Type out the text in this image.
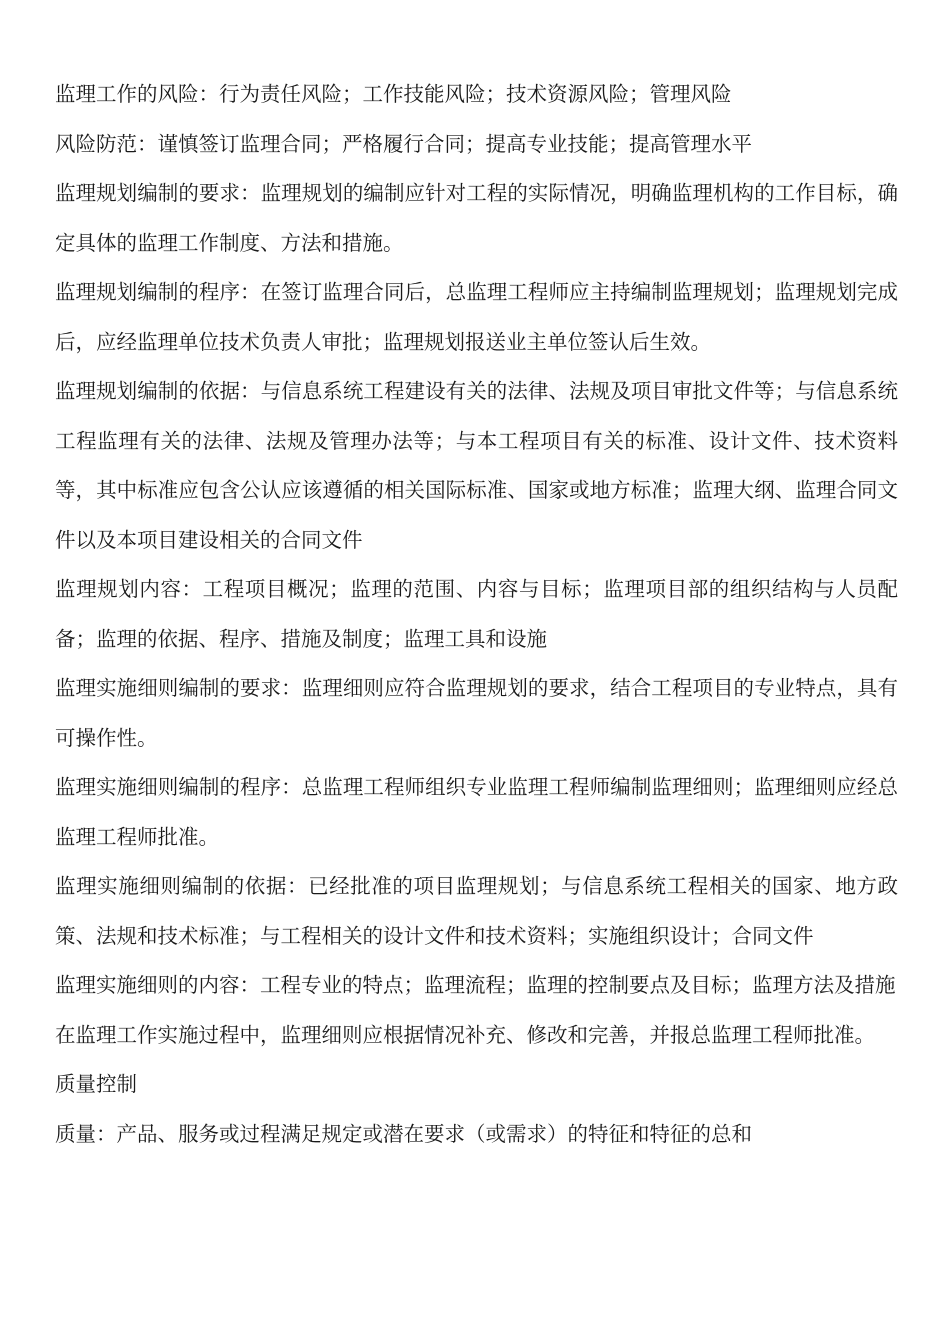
监理工作的风险：行为责任风险；工作技能风险；技术资源风险；管理风险

风险防范：谨慎签订监理合同；严格履行合同；提高专业技能；提高管理水平

监理规划编制的要求：监理规划的编制应针对工程的实际情况，明确监理机构的工作目标，确定具体的监理工作制度、方法和措施。

监理规划编制的程序：在签订监理合同后，总监理工程师应主持编制监理规划；监理规划完成后，应经监理单位技术负责人审批；监理规划报送业主单位签认后生效。

监理规划编制的依据：与信息系统工程建设有关的法律、法规及项目审批文件等；与信息系统工程监理有关的法律、法规及管理办法等；与本工程项目有关的标准、设计文件、技术资料等，其中标准应包含公认应该遵循的相关国际标准、国家或地方标准；监理大纲、监理合同文件以及本项目建设相关的合同文件

监理规划内容：工程项目概况；监理的范围、内容与目标；监理项目部的组织结构与人员配备；监理的依据、程序、措施及制度；监理工具和设施

监理实施细则编制的要求：监理细则应符合监理规划的要求，结合工程项目的专业特点，具有可操作性。

监理实施细则编制的程序：总监理工程师组织专业监理工程师编制监理细则；监理细则应经总监理工程师批准。

监理实施细则编制的依据：已经批准的项目监理规划；与信息系统工程相关的国家、地方政策、法规和技术标准；与工程相关的设计文件和技术资料；实施组织设计；合同文件

监理实施细则的内容：工程专业的特点；监理流程；监理的控制要点及目标；监理方法及措施

在监理工作实施过程中，监理细则应根据情况补充、修改和完善，并报总监理工程师批准。

质量控制

质量：产品、服务或过程满足规定或潜在要求（或需求）的特征和特征的总和
